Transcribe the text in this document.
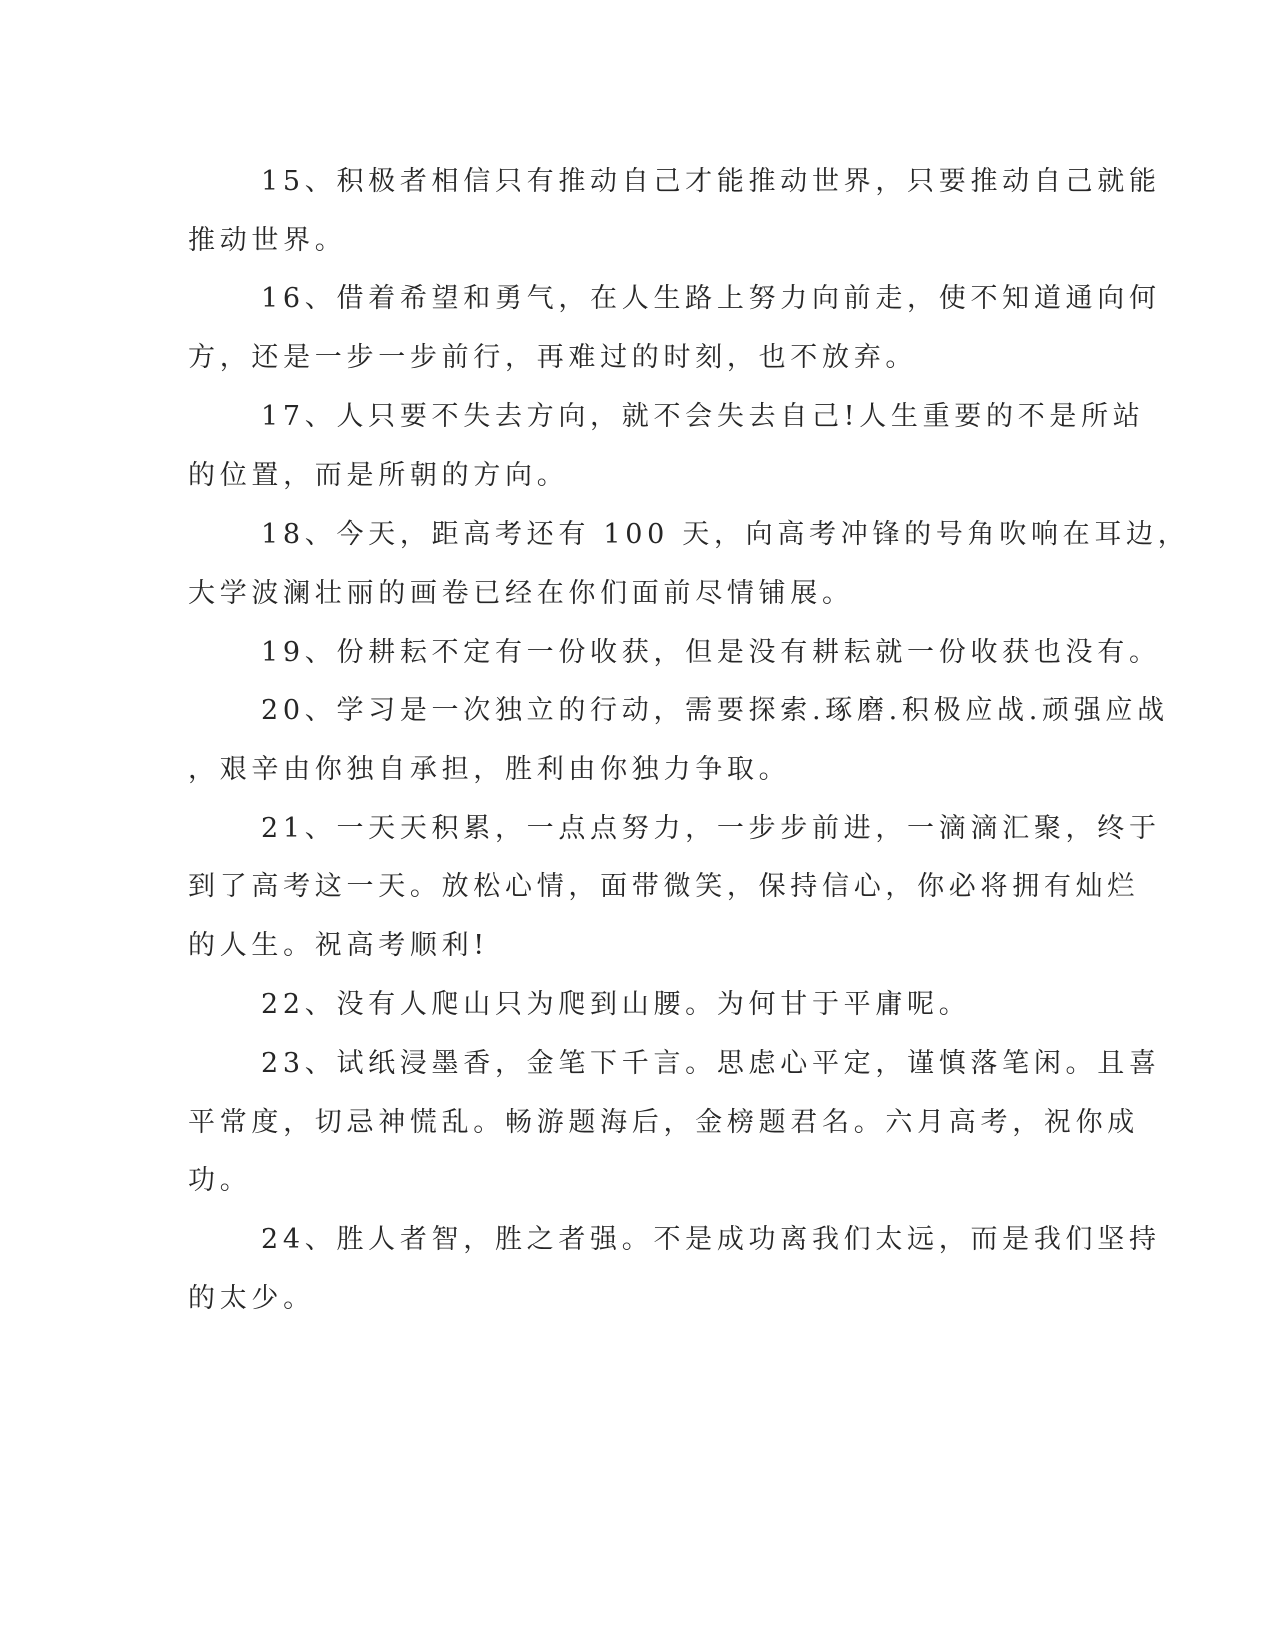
15、积极者相信只有推动自己才能推动世界，只要推动自己就能

推动世界。

16、借着希望和勇气，在人生路上努力向前走，使不知道通向何

方，还是一步一步前行，再难过的时刻，也不放弃。

17、人只要不失去方向，就不会失去自己!人生重要的不是所站

的位置，而是所朝的方向。

18、今天，距高考还有 100 天，向高考冲锋的号角吹响在耳边，

大学波澜壮丽的画卷已经在你们面前尽情铺展。

19、份耕耘不定有一份收获，但是没有耕耘就一份收获也没有。

20、学习是一次独立的行动，需要探索.琢磨.积极应战.顽强应战

，艰辛由你独自承担，胜利由你独力争取。

21、一天天积累，一点点努力，一步步前进，一滴滴汇聚，终于

到了高考这一天。放松心情，面带微笑，保持信心，你必将拥有灿烂

的人生。祝高考顺利!

22、没有人爬山只为爬到山腰。为何甘于平庸呢。

23、试纸浸墨香，金笔下千言。思虑心平定，谨慎落笔闲。且喜

平常度，切忌神慌乱。畅游题海后，金榜题君名。六月高考，祝你成

功。

24、胜人者智，胜之者强。不是成功离我们太远，而是我们坚持

的太少。
